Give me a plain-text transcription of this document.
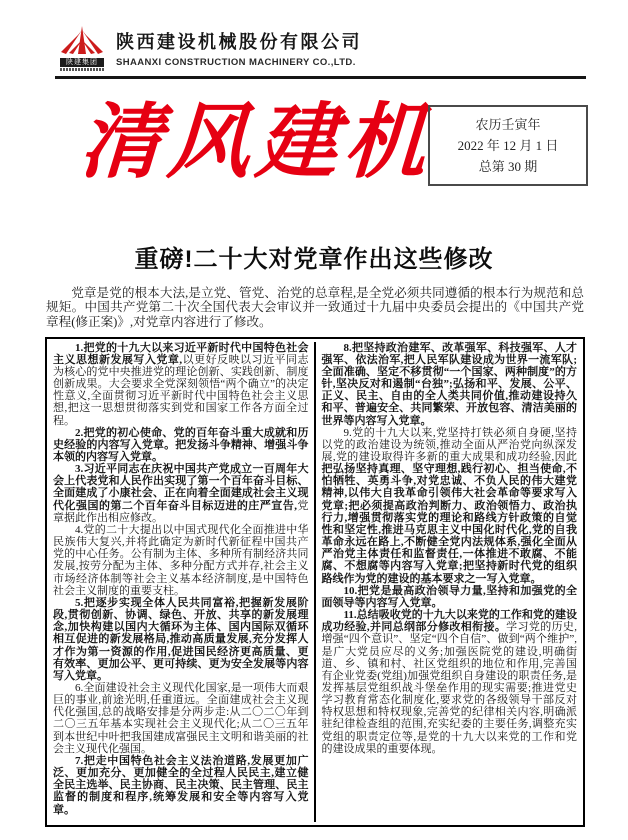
陕建集团
陕西建设机械股份有限公司
SHAANXI CONSTRUCTION MACHINERY CO.,LTD.
清风建机	农历壬寅年
2022 年 12 月 1 日
总第 30 期
重磅!二十大对党章作出这些修改
党章是党的根本大法,是立党、管党、治党的总章程,是全党必须共同遵循的根本行为规范和总规矩。中国共产党第二十次全国代表大会审议并一致通过十九届中央委员会提出的《中国共产党章程(修正案)》,对党章内容进行了修改。

1.把党的十九大以来习近平新时代中国特色社会主义思想新发展写入党章,以更好反映以习近平同志为核心的党中央推进党的理论创新、实践创新、制度创新成果。大会要求全党深刻领悟“两个确立”的决定性意义,全面贯彻习近平新时代中国特色社会主义思想,把这一思想贯彻落实到党和国家工作各方面全过程。

2.把党的初心使命、党的百年奋斗重大成就和历史经验的内容写入党章。把发扬斗争精神、增强斗争本领的内容写入党章。

3.习近平同志在庆祝中国共产党成立一百周年大会上代表党和人民作出实现了第一个百年奋斗目标、全面建成了小康社会、正在向着全面建成社会主义现代化强国的第二个百年奋斗目标迈进的庄严宣告,党章据此作出相应修改。

4.党的二十大提出以中国式现代化全面推进中华民族伟大复兴,并将此确定为新时代新征程中国共产党的中心任务。公有制为主体、多种所有制经济共同发展,按劳分配为主体、多种分配方式并存,社会主义市场经济体制等社会主义基本经济制度,是中国特色社会主义制度的重要支柱。

5.把逐步实现全体人民共同富裕,把握新发展阶段,贯彻创新、协调、绿色、开放、共享的新发展理念,加快构建以国内大循环为主体、国内国际双循环相互促进的新发展格局,推动高质量发展,充分发挥人才作为第一资源的作用,促进国民经济更高质量、更有效率、更加公平、更可持续、更为安全发展等内容写入党章。

6.全面建设社会主义现代化国家,是一项伟大而艰巨的事业,前途光明,任重道远。全面建成社会主义现代化强国,总的战略安排是分两步走:从二〇二〇年到二〇三五年基本实现社会主义现代化;从二〇三五年到本世纪中叶把我国建成富强民主文明和谐美丽的社会主义现代化强国。

7.把走中国特色社会主义法治道路,发展更加广泛、更加充分、更加健全的全过程人民民主,建立健全民主选举、民主协商、民主决策、民主管理、民主监督的制度和程序,统筹发展和安全等内容写入党章。

8.把坚持政治建军、改革强军、科技强军、人才强军、依法治军,把人民军队建设成为世界一流军队;全面准确、坚定不移贯彻“一个国家、两种制度”的方针,坚决反对和遏制“台独”;弘扬和平、发展、公平、正义、民主、自由的全人类共同价值,推动建设持久和平、普遍安全、共同繁荣、开放包容、清洁美丽的世界等内容写入党章。

9.党的十九大以来,党坚持打铁必须自身硬,坚持以党的政治建设为统领,推动全面从严治党向纵深发展,党的建设取得许多新的重大成果和成功经验,因此把弘扬坚持真理、坚守理想,践行初心、担当使命,不怕牺牲、英勇斗争,对党忠诚、不负人民的伟大建党精神,以伟大自我革命引领伟大社会革命等要求写入党章;把必须提高政治判断力、政治领悟力、政治执行力,增强贯彻落实党的理论和路线方针政策的自觉性和坚定性,推进马克思主义中国化时代化,党的自我革命永远在路上,不断健全党内法规体系,强化全面从严治党主体责任和监督责任,一体推进不敢腐、不能腐、不想腐等内容写入党章;把坚持新时代党的组织路线作为党的建设的基本要求之一写入党章。

10.把党是最高政治领导力量,坚持和加强党的全面领导等内容写入党章。

11.总结吸收党的十九大以来党的工作和党的建设成功经验,并同总纲部分修改相衔接。学习党的历史,增强“四个意识”、坚定“四个自信”、做到“两个维护”,是广大党员应尽的义务;加强医院党的建设,明确街道、乡、镇和村、社区党组织的地位和作用,完善国有企业党委(党组)加强党组织自身建设的职责任务,是发挥基层党组织战斗堡垒作用的现实需要;推进党史学习教育常态化制度化,要求党的各级领导干部反对特权思想和特权现象,完善党的纪律相关内容,明确派驻纪律检查组的范围,充实纪委的主要任务,调整充实党组的职责定位等,是党的十九大以来党的工作和党的建设成果的重要体现。
